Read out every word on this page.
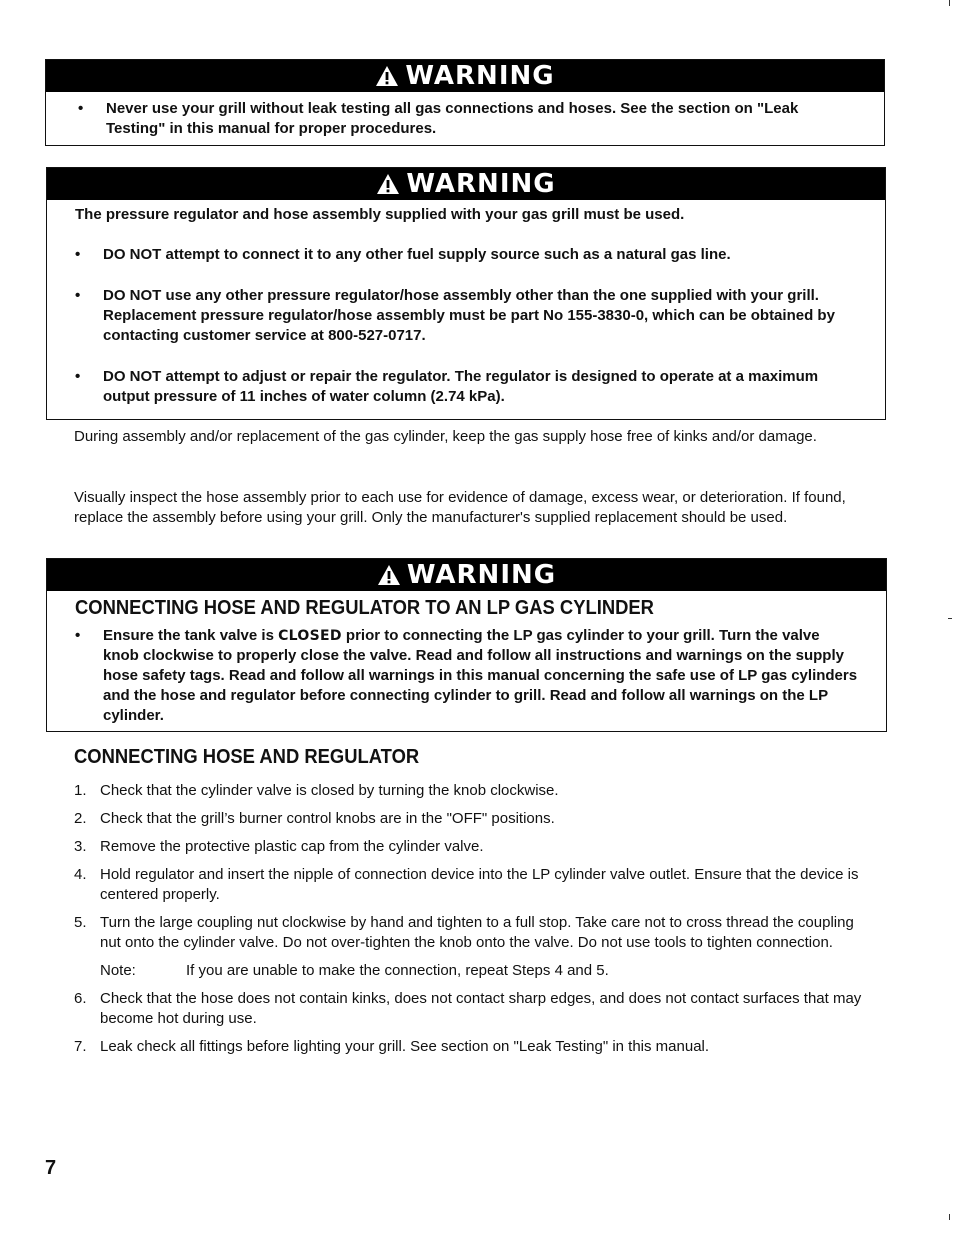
WARNING
•	Never use your grill without leak testing all gas connections and hoses. See the section on "Leak Testing" in this manual for proper procedures.
WARNING
The pressure regulator and hose assembly supplied with your gas grill must be used.
•	DO NOT attempt to connect it to any other fuel supply source such as a natural gas line.
•	DO NOT use any other pressure regulator/hose assembly other than the one supplied with your grill. Replacement pressure regulator/hose assembly must be part No 155-3830-0, which can be obtained by contacting customer service at 800-527-0717.
•	DO NOT attempt to adjust or repair the regulator. The regulator is designed to operate at a maximum output pressure of 11 inches of water column (2.74 kPa).
During assembly and/or replacement of the gas cylinder, keep the gas supply hose free of kinks and/or damage.
Visually inspect the hose assembly prior to each use for evidence of damage, excess wear, or deterioration. If found, replace the assembly before using your grill. Only the manufacturer's supplied replacement should be used.
WARNING
CONNECTING HOSE AND REGULATOR TO AN LP GAS CYLINDER
•	Ensure the tank valve is CLOSED prior to connecting the LP gas cylinder to your grill. Turn the valve knob clockwise to properly close the valve. Read and follow all instructions and warnings on the supply hose safety tags. Read and follow all warnings in this manual concerning the safe use of LP gas cylinders and the hose and regulator before connecting cylinder to grill. Read and follow all warnings on the LP cylinder.
CONNECTING HOSE AND REGULATOR
1. Check that the cylinder valve is closed by turning the knob clockwise.
2. Check that the grill’s burner control knobs are in the "OFF" positions.
3. Remove the protective plastic cap from the cylinder valve.
4. Hold regulator and insert the nipple of connection device into the LP cylinder valve outlet. Ensure that the device is centered properly.
5. Turn the large coupling nut clockwise by hand and tighten to a full stop. Take care not to cross thread the coupling nut onto the cylinder valve. Do not over-tighten the knob onto the valve. Do not use tools to tighten connection.
Note:	If you are unable to make the connection, repeat Steps 4 and 5.
6. Check that the hose does not contain kinks, does not contact sharp edges, and does not contact surfaces that may become hot during use.
7. Leak check all fittings before lighting your grill. See section on "Leak Testing" in this manual.
7
